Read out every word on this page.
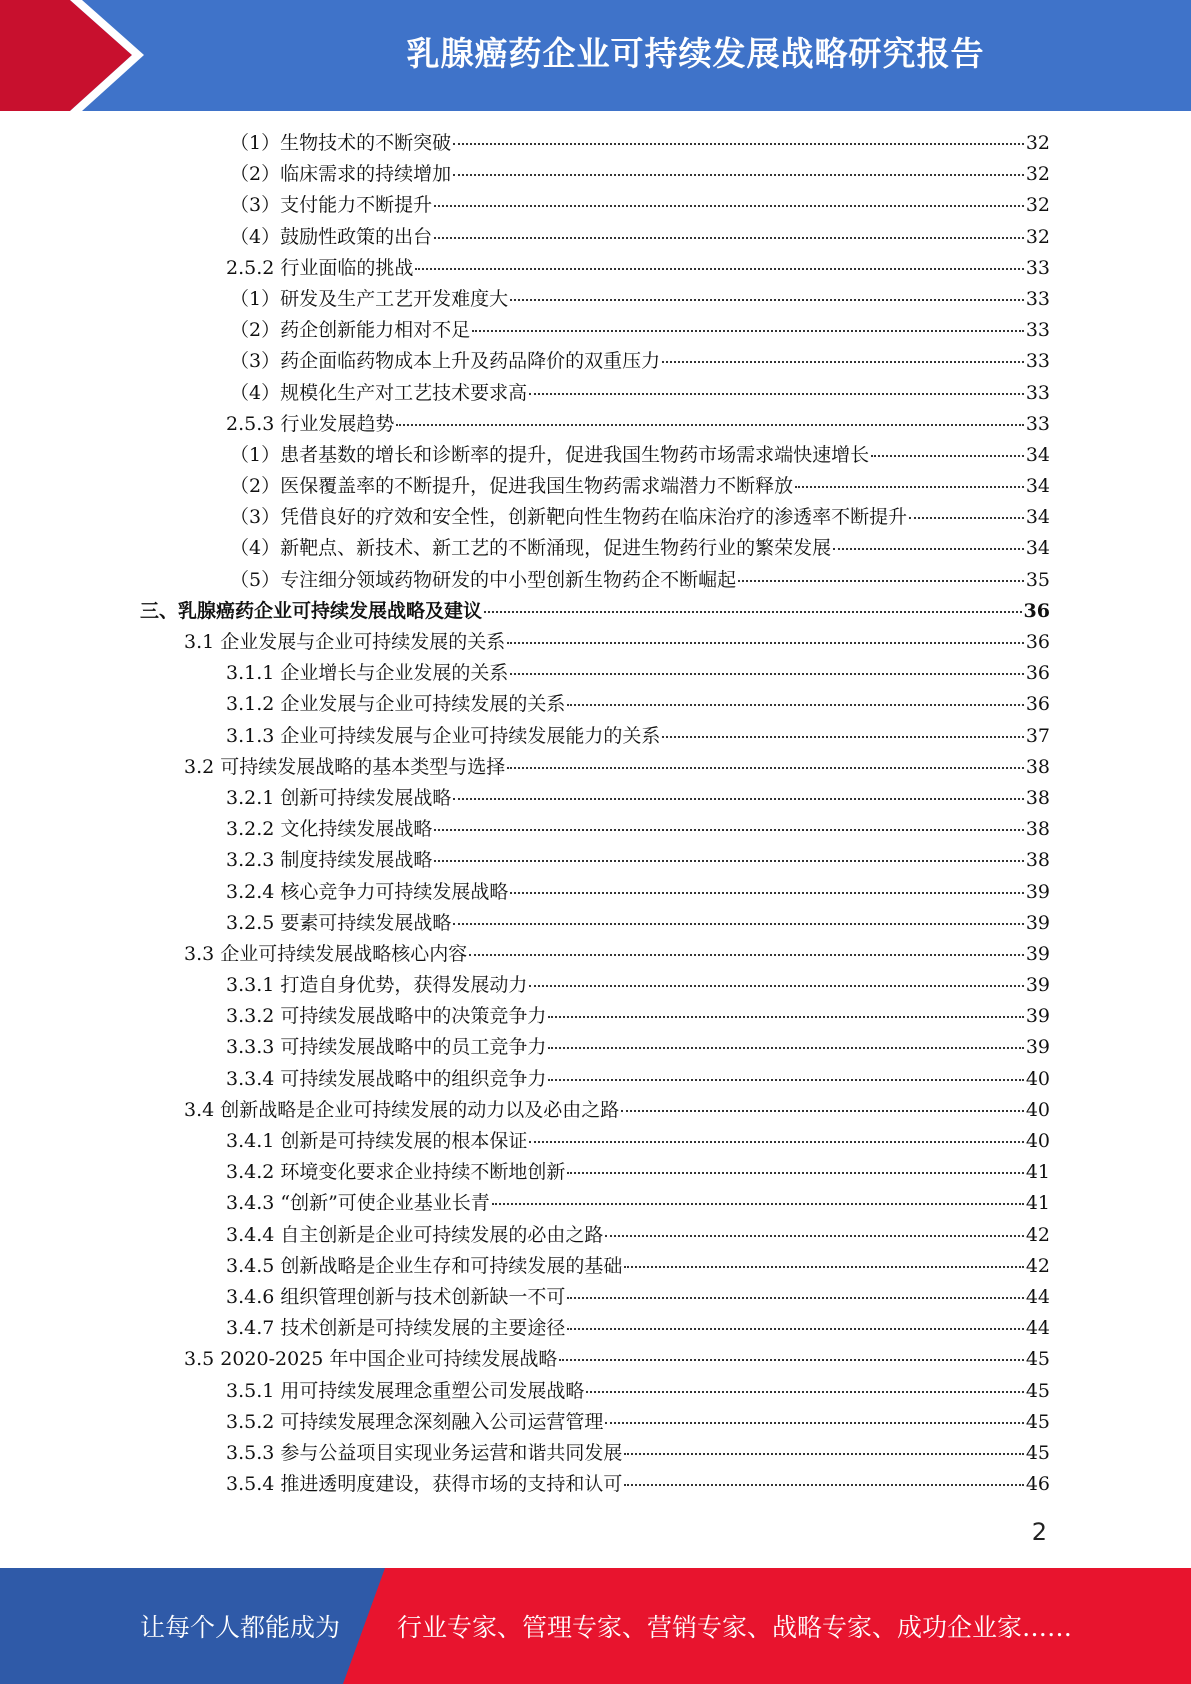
乳腺癌药企业可持续发展战略研究报告
（1）生物技术的不断突破	32
（2）临床需求的持续增加	32
（3）支付能力不断提升	32
（4）鼓励性政策的出台	32
2.5.2 行业面临的挑战	33
（1）研发及生产工艺开发难度大	33
（2）药企创新能力相对不足	33
（3）药企面临药物成本上升及药品降价的双重压力	33
（4）规模化生产对工艺技术要求高	33
2.5.3 行业发展趋势	33
（1）患者基数的增长和诊断率的提升，促进我国生物药市场需求端快速增长	34
（2）医保覆盖率的不断提升，促进我国生物药需求端潜力不断释放	34
（3）凭借良好的疗效和安全性，创新靶向性生物药在临床治疗的渗透率不断提升	34
（4）新靶点、新技术、新工艺的不断涌现，促进生物药行业的繁荣发展	34
（5）专注细分领域药物研发的中小型创新生物药企不断崛起	35
三、乳腺癌药企业可持续发展战略及建议	36
3.1 企业发展与企业可持续发展的关系	36
3.1.1 企业增长与企业发展的关系	36
3.1.2 企业发展与企业可持续发展的关系	36
3.1.3 企业可持续发展与企业可持续发展能力的关系	37
3.2 可持续发展战略的基本类型与选择	38
3.2.1 创新可持续发展战略	38
3.2.2 文化持续发展战略	38
3.2.3 制度持续发展战略	38
3.2.4 核心竞争力可持续发展战略	39
3.2.5 要素可持续发展战略	39
3.3 企业可持续发展战略核心内容	39
3.3.1 打造自身优势，获得发展动力	39
3.3.2 可持续发展战略中的决策竞争力	39
3.3.3 可持续发展战略中的员工竞争力	39
3.3.4 可持续发展战略中的组织竞争力	40
3.4 创新战略是企业可持续发展的动力以及必由之路	40
3.4.1 创新是可持续发展的根本保证	40
3.4.2 环境变化要求企业持续不断地创新	41
3.4.3 “创新”可使企业基业长青	41
3.4.4 自主创新是企业可持续发展的必由之路	42
3.4.5 创新战略是企业生存和可持续发展的基础	42
3.4.6 组织管理创新与技术创新缺一不可	44
3.4.7 技术创新是可持续发展的主要途径	44
3.5 2020-2025 年中国企业可持续发展战略	45
3.5.1 用可持续发展理念重塑公司发展战略	45
3.5.2 可持续发展理念深刻融入公司运营管理	45
3.5.3 参与公益项目实现业务运营和谐共同发展	45
3.5.4 推进透明度建设，获得市场的支持和认可	46
2
让每个人都能成为 行业专家、管理专家、营销专家、战略专家、成功企业家……
